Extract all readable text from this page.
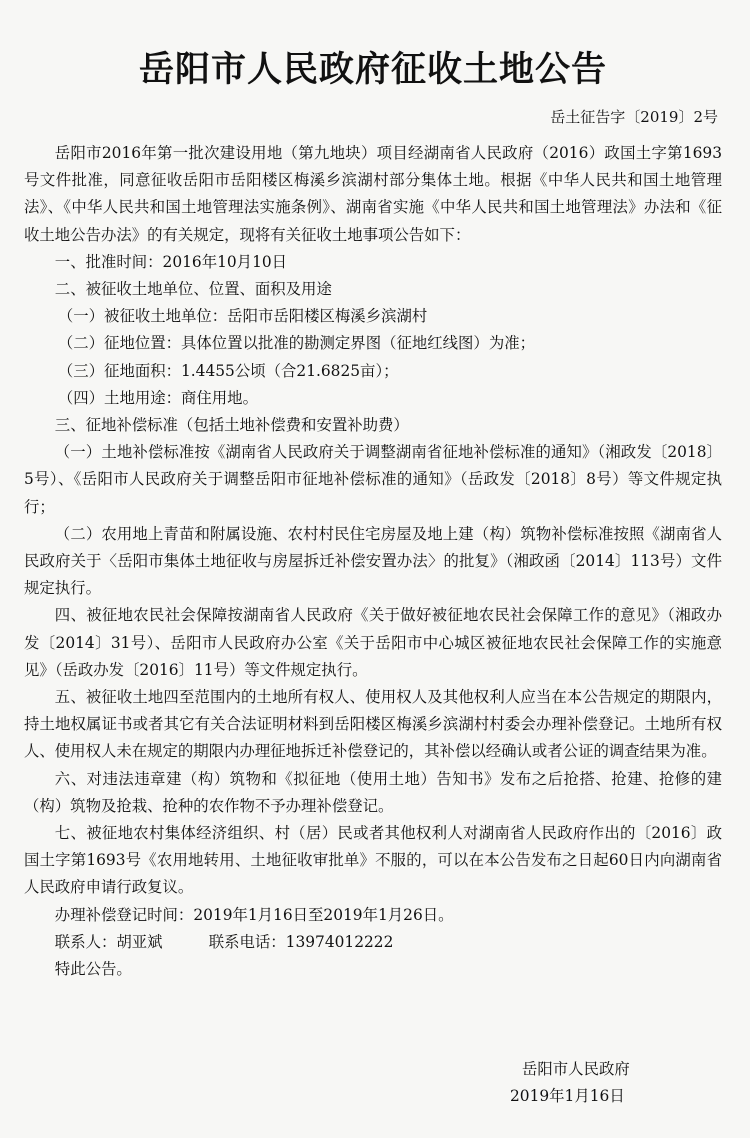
岳阳市人民政府征收土地公告
岳土征告字〔2019〕2号

岳阳市2016年第一批次建设用地（第九地块）项目经湖南省人民政府（2016）政国土字第1693号文件批准，同意征收岳阳市岳阳楼区梅溪乡滨湖村部分集体土地。根据《中华人民共和国土地管理法》、《中华人民共和国土地管理法实施条例》、湖南省实施《中华人民共和国土地管理法》办法和《征收土地公告办法》的有关规定，现将有关征收土地事项公告如下：

一、批准时间：2016年10月10日

二、被征收土地单位、位置、面积及用途

（一）被征收土地单位：岳阳市岳阳楼区梅溪乡滨湖村

（二）征地位置：具体位置以批准的勘测定界图（征地红线图）为准；

（三）征地面积：1.4455公顷（合21.6825亩）；

（四）土地用途：商住用地。

三、征地补偿标准（包括土地补偿费和安置补助费）

（一）土地补偿标准按《湖南省人民政府关于调整湖南省征地补偿标准的通知》（湘政发〔2018〕5号）、《岳阳市人民政府关于调整岳阳市征地补偿标准的通知》（岳政发〔2018〕8号）等文件规定执行；

（二）农用地上青苗和附属设施、农村村民住宅房屋及地上建（构）筑物补偿标准按照《湖南省人民政府关于〈岳阳市集体土地征收与房屋拆迁补偿安置办法〉的批复》（湘政函〔2014〕113号）文件规定执行。

四、被征地农民社会保障按湖南省人民政府《关于做好被征地农民社会保障工作的意见》（湘政办发〔2014〕31号）、岳阳市人民政府办公室《关于岳阳市中心城区被征地农民社会保障工作的实施意见》（岳政办发〔2016〕11号）等文件规定执行。

五、被征收土地四至范围内的土地所有权人、使用权人及其他权利人应当在本公告规定的期限内，持土地权属证书或者其它有关合法证明材料到岳阳楼区梅溪乡滨湖村村委会办理补偿登记。土地所有权人、使用权人未在规定的期限内办理征地拆迁补偿登记的，其补偿以经确认或者公证的调查结果为准。

六、对违法违章建（构）筑物和《拟征地（使用土地）告知书》发布之后抢搭、抢建、抢修的建（构）筑物及抢栽、抢种的农作物不予办理补偿登记。

七、被征地农村集体经济组织、村（居）民或者其他权利人对湖南省人民政府作出的〔2016〕政国土字第1693号《农用地转用、土地征收审批单》不服的，可以在本公告发布之日起60日内向湖南省人民政府申请行政复议。

办理补偿登记时间：2019年1月16日至2019年1月26日。

联系人：胡亚斌　　　联系电话：13974012222

特此公告。

岳阳市人民政府
2019年1月16日
